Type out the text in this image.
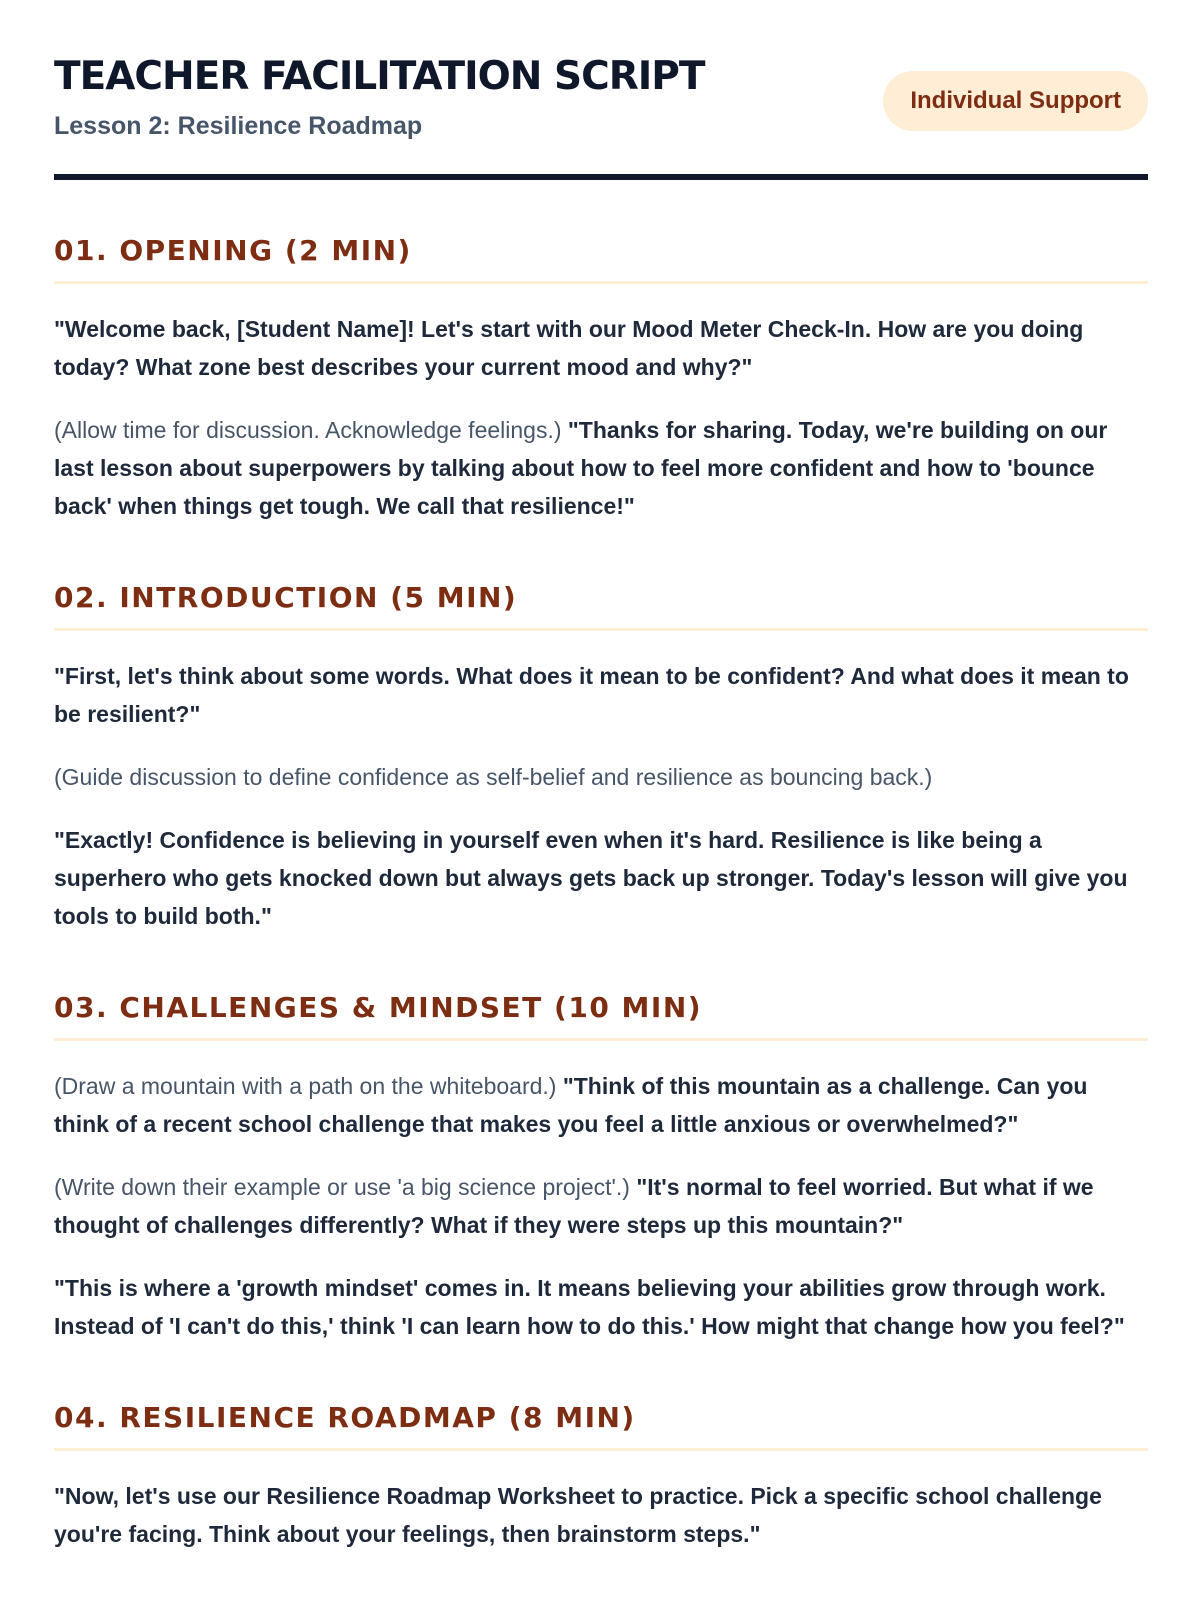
TEACHER FACILITATION SCRIPT
Lesson 2: Resilience Roadmap
Individual Support
01. OPENING (2 MIN)

"Welcome back, [Student Name]! Let's start with our Mood Meter Check-In. How are you doing today? What zone best describes your current mood and why?"

(Allow time for discussion. Acknowledge feelings.) "Thanks for sharing. Today, we're building on our last lesson about superpowers by talking about how to feel more confident and how to 'bounce back' when things get tough. We call that resilience!"

02. INTRODUCTION (5 MIN)

"First, let's think about some words. What does it mean to be confident? And what does it mean to be resilient?"

(Guide discussion to define confidence as self-belief and resilience as bouncing back.)

"Exactly! Confidence is believing in yourself even when it's hard. Resilience is like being a superhero who gets knocked down but always gets back up stronger. Today's lesson will give you tools to build both."

03. CHALLENGES & MINDSET (10 MIN)

(Draw a mountain with a path on the whiteboard.) "Think of this mountain as a challenge. Can you think of a recent school challenge that makes you feel a little anxious or overwhelmed?"

(Write down their example or use 'a big science project'.) "It's normal to feel worried. But what if we thought of challenges differently? What if they were steps up this mountain?"

"This is where a 'growth mindset' comes in. It means believing your abilities grow through work. Instead of 'I can't do this,' think 'I can learn how to do this.' How might that change how you feel?"

04. RESILIENCE ROADMAP (8 MIN)

"Now, let's use our Resilience Roadmap Worksheet to practice. Pick a specific school challenge you're facing. Think about your feelings, then brainstorm steps."
